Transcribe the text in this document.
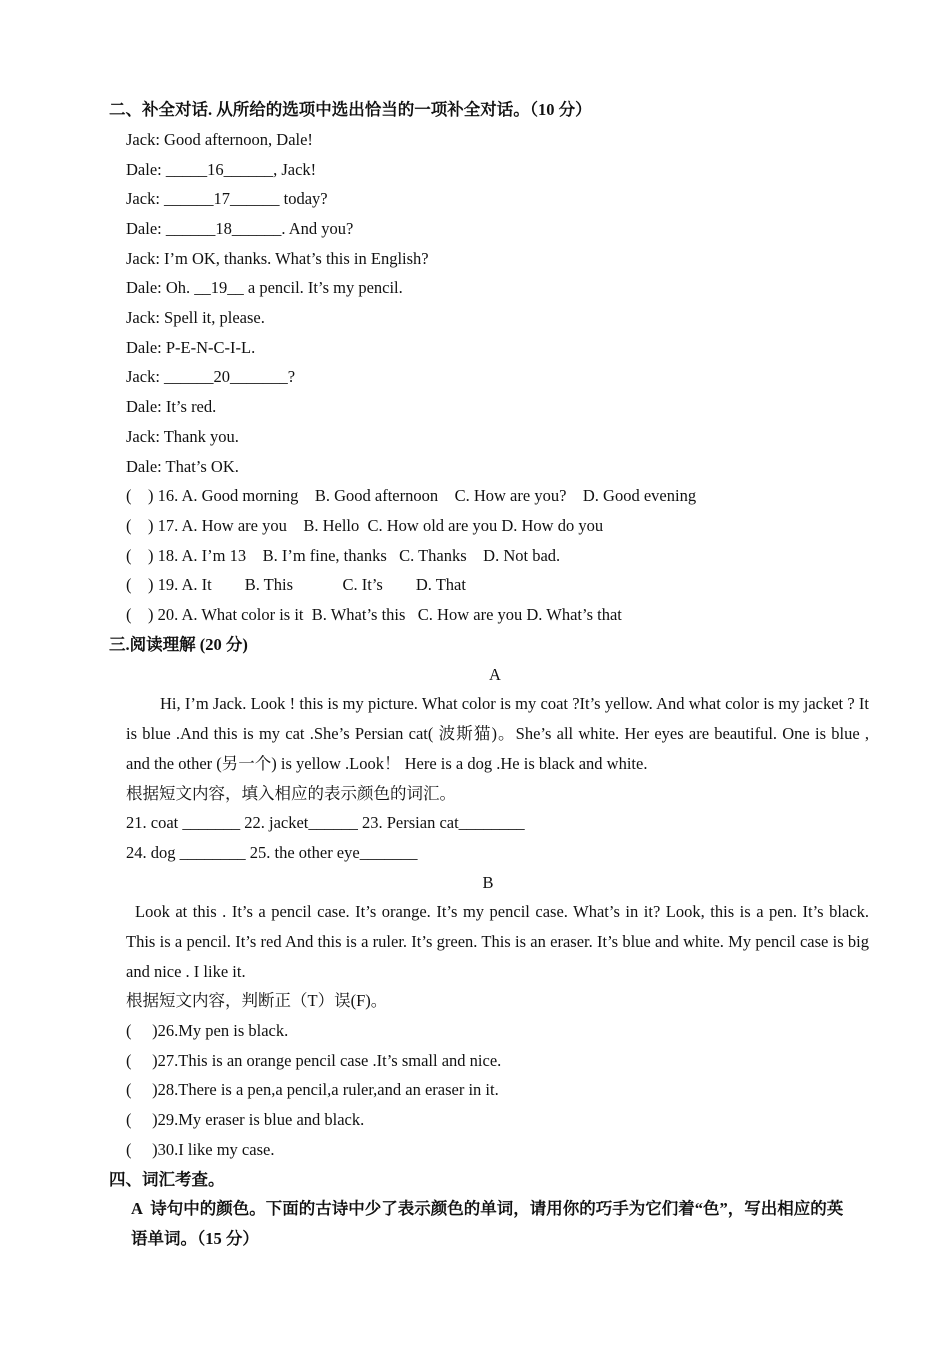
二、补全对话. 从所给的选项中选出恰当的一项补全对话。（10 分）
Jack: Good afternoon, Dale!
Dale: _____16______, Jack!
Jack: ______17______ today?
Dale: ______18______. And you?
Jack: I’m OK, thanks. What’s this in English?
Dale: Oh. __19__ a pencil. It’s my pencil.
Jack: Spell it, please.
Dale: P-E-N-C-I-L.
Jack: ______20_______?
Dale: It’s red.
Jack: Thank you.
Dale: That’s OK.
(    ) 16. A. Good morning    B. Good afternoon    C. How are you?    D. Good evening
(    ) 17. A. How are you    B. Hello  C. How old are you D. How do you
(    ) 18. A. I’m 13    B. I’m fine, thanks   C. Thanks    D. Not bad.
(    ) 19. A. It        B. This            C. It’s        D. That
(    ) 20. A. What color is it  B. What’s this   C. How are you D. What’s that
三.阅读理解 (20 分)
A
Hi, I’m Jack. Look ! this is my picture. What color is my coat ?It’s yellow. And what color is my jacket ? It is blue .And this is my cat .She’s Persian cat( 波斯猫)。She’s all white. Her eyes are beautiful. One is blue , and the other (另一个) is yellow .Look！ Here is a dog .He is black and white.
根据短文内容，填入相应的表示颜色的词汇。
21. coat _______ 22. jacket______ 23. Persian cat________
24. dog ________ 25. the other eye_______
B
Look at this . It’s a pencil case. It’s orange. It’s my pencil case. What’s in it? Look, this is a pen. It’s black. This is a pencil. It’s red And this is a ruler. It’s green. This is an eraser. It’s blue and white. My pencil case is big and nice . I like it.
根据短文内容，判断正（T）误(F)。
(     )26.My pen is black.
(     )27.This is an orange pencil case .It’s small and nice.
(     )28.There is a pen,a pencil,a ruler,and an eraser in it.
(     )29.My eraser is blue and black.
(     )30.I like my case.
四、词汇考查。
A  诗句中的颜色。下面的古诗中少了表示颜色的单词，请用你的巧手为它们着“色”，写出相应的英
语单词。（15 分）
